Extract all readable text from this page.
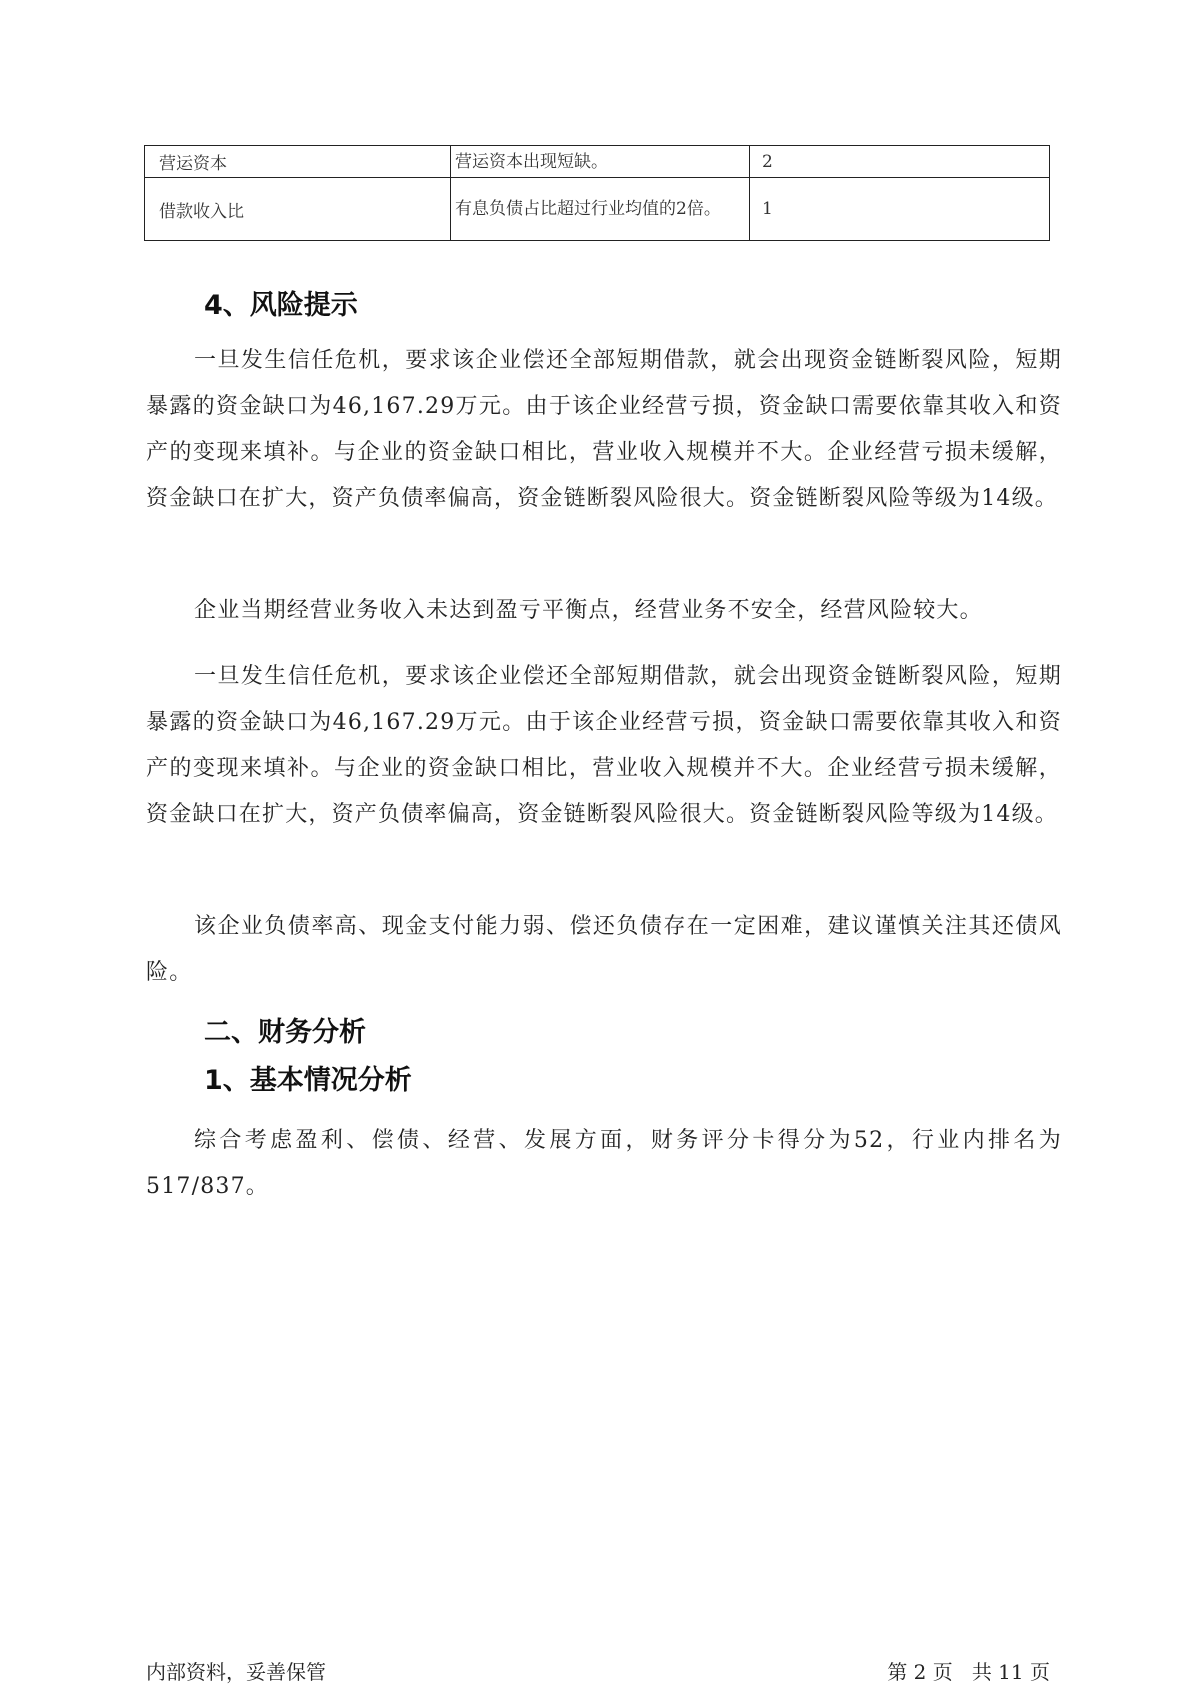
营运资本	营运资本出现短缺。	2
借款收入比	有息负债占比超过行业均值的2倍。	1
4、风险提示

一旦发生信任危机，要求该企业偿还全部短期借款，就会出现资金链断裂风险，短期暴露的资金缺口为46,167.29万元。由于该企业经营亏损，资金缺口需要依靠其收入和资产的变现来填补。与企业的资金缺口相比，营业收入规模并不大。企业经营亏损未缓解，资金缺口在扩大，资产负债率偏高，资金链断裂风险很大。资金链断裂风险等级为14级。

企业当期经营业务收入未达到盈亏平衡点，经营业务不安全，经营风险较大。

一旦发生信任危机，要求该企业偿还全部短期借款，就会出现资金链断裂风险，短期暴露的资金缺口为46,167.29万元。由于该企业经营亏损，资金缺口需要依靠其收入和资产的变现来填补。与企业的资金缺口相比，营业收入规模并不大。企业经营亏损未缓解，资金缺口在扩大，资产负债率偏高，资金链断裂风险很大。资金链断裂风险等级为14级。

该企业负债率高、现金支付能力弱、偿还负债存在一定困难，建议谨慎关注其还债风险。

二、财务分析
1、基本情况分析

综合考虑盈利、偿债、经营、发展方面，财务评分卡得分为52，行业内排名为517/837。

内部资料，妥善保管	第 2 页   共 11 页
